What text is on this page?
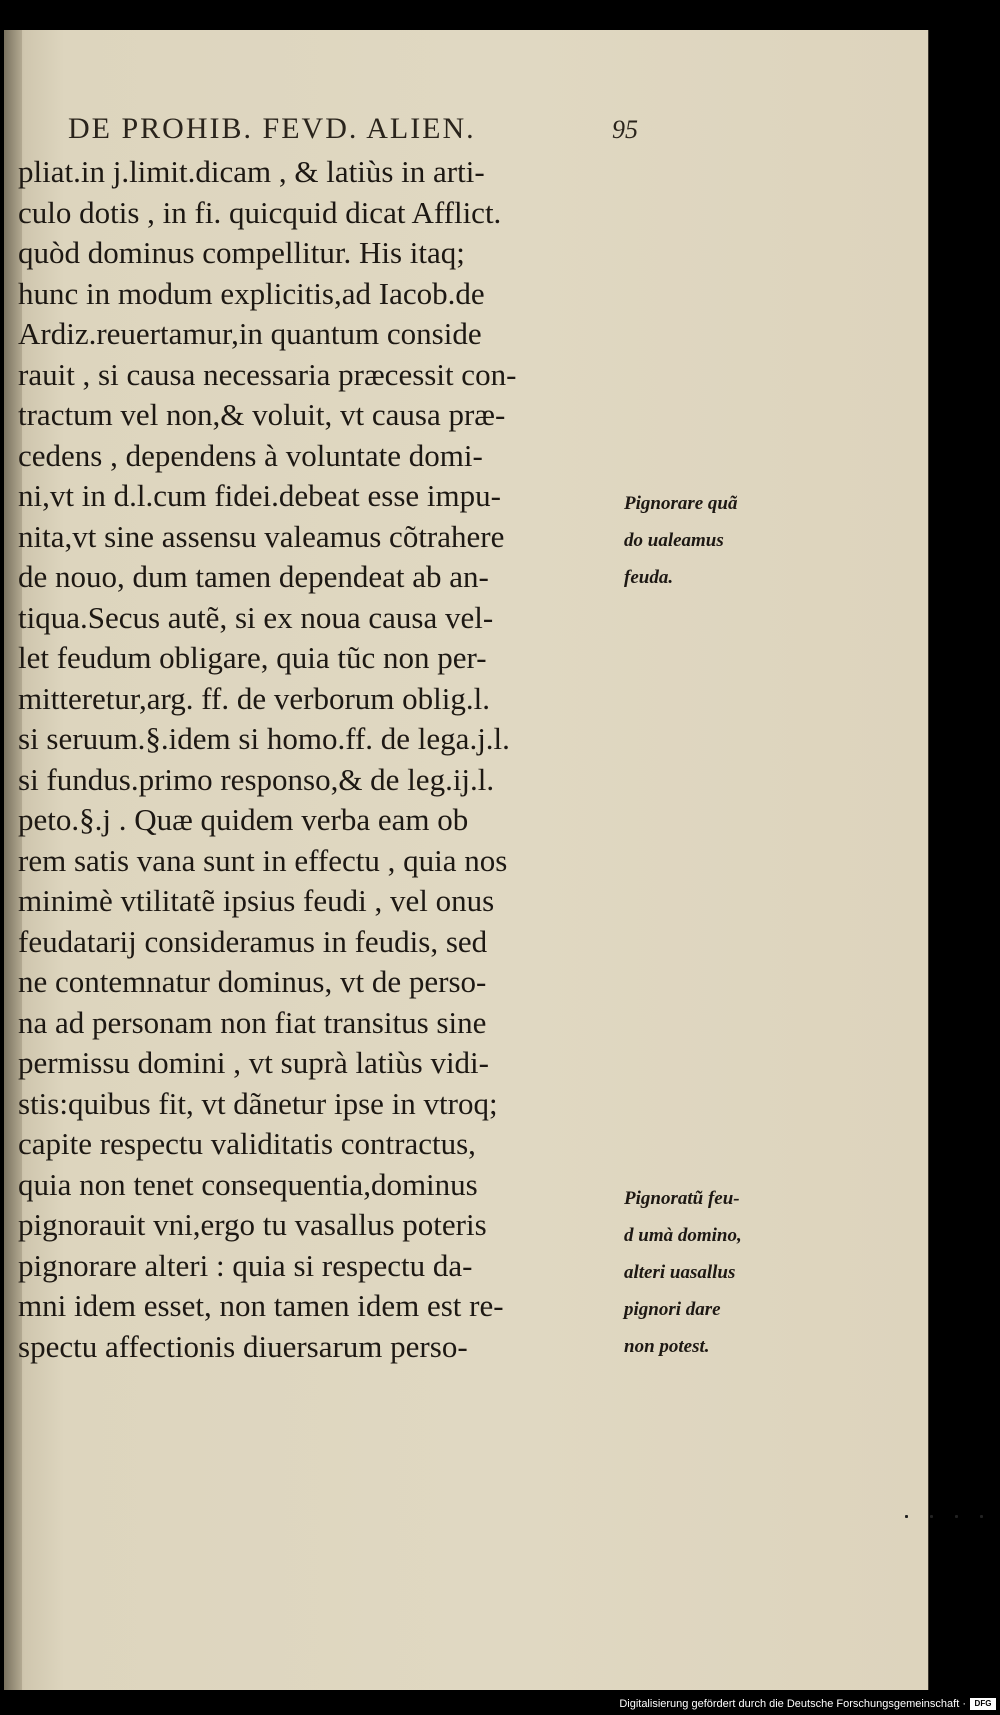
DE PROHIB. FEVD. ALIEN.	95
pliat.in j.limit.dicam , & latiùs in arti-
culo dotis , in fi. quicquid dicat Afflict.
quòd dominus compellitur. His itaq;
hunc in modum explicitis,ad Iacob.de
Ardiz.reuertamur,in quantum conside
rauit , si causa necessaria præcessit con-
tractum vel non,& voluit, vt causa præ-
cedens , dependens à voluntate domi-
ni,vt in d.l.cum fidei.debeat esse impu-
nita,vt sine assensu valeamus cõtrahere
de nouo, dum tamen dependeat ab an-
tiqua.Secus autẽ, si ex noua causa vel-
let feudum obligare, quia tũc non per-
mitteretur,arg. ff. de verborum oblig.l.
si seruum.§.idem si homo.ff. de lega.j.l.
si fundus.primo responso,& de leg.ij.l.
peto.§.j . Quæ quidem verba eam ob
rem satis vana sunt in effectu , quia nos
minimè vtilitatẽ ipsius feudi , vel onus
feudatarij consideramus in feudis, sed
ne contemnatur dominus, vt de perso-
na ad personam non fiat transitus sine
permissu domini , vt suprà latiùs vidi-
stis:quibus fit, vt dãnetur ipse in vtroq;
capite respectu validitatis contractus,
quia non tenet consequentia,dominus
pignorauit vni,ergo tu vasallus poteris
pignorare alteri : quia si respectu da-
mni idem esset, non tamen idem est re-
spectu affectionis diuersarum perso-
Pignorare quã
do ualeamus
feuda.
Pignoratũ feu-
d umà domino,
alteri uasallus
pignori dare
non potest.
Digitalisierung gefördert durch die Deutsche Forschungsgemeinschaft ·	DFG
